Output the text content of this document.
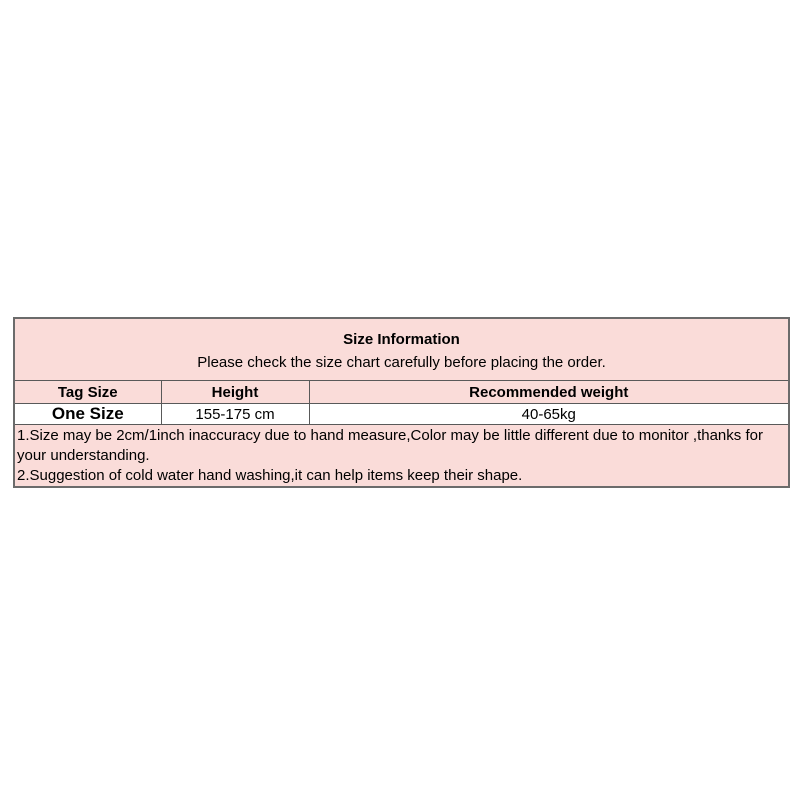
Size Information
Please check the size chart carefully before placing the order.		

Tag Size	Height	Recommended weight
One Size	155-175 cm	40-65kg

1.Size may be 2cm/1inch inaccuracy due to hand measure,Color may be little different due to monitor ,thanks for your understanding.
2.Suggestion of cold water hand washing,it can help items keep their shape.		
